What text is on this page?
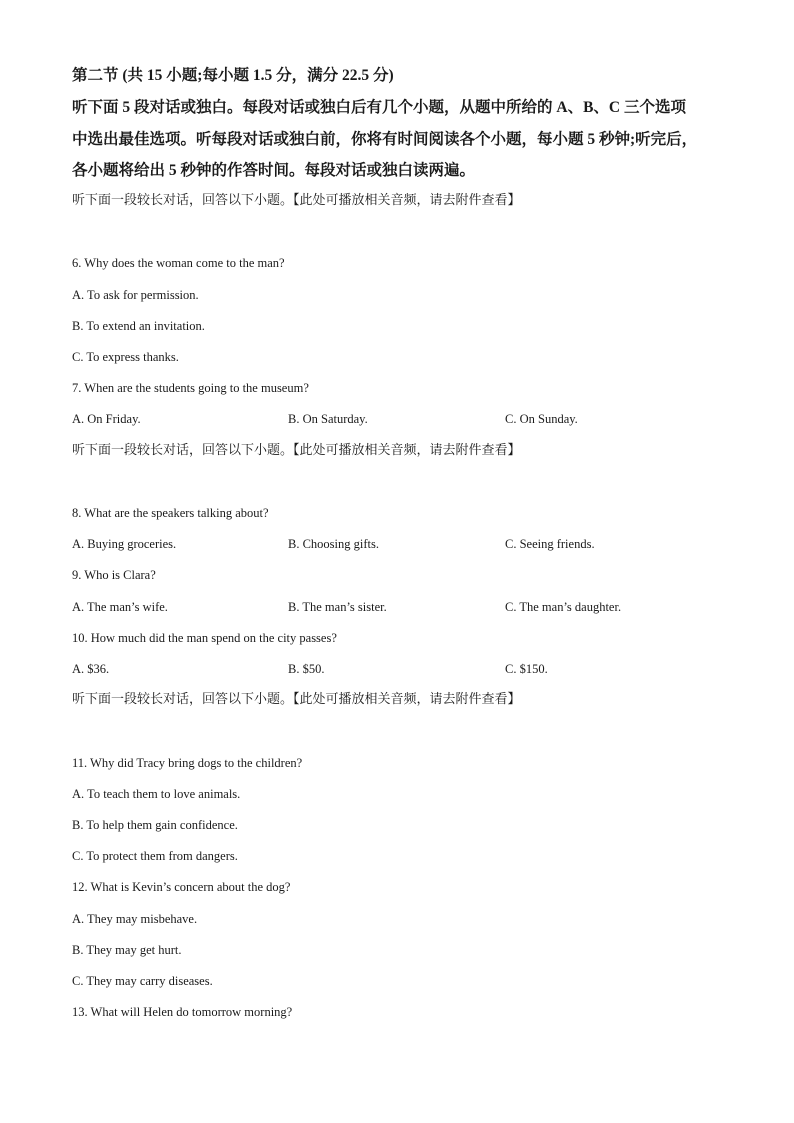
第二节 (共 15 小题;每小题 1.5 分，满分 22.5 分)
听下面 5 段对话或独白。每段对话或独白后有几个小题，从题中所给的 A、B、C 三个选项
中选出最佳选项。听每段对话或独白前，你将有时间阅读各个小题，每小题 5 秒钟;听完后，
各小题将给出 5 秒钟的作答时间。每段对话或独白读两遍。
听下面一段较长对话，回答以下小题。【此处可播放相关音频，请去附件查看】
6. Why does the woman come to the man?
A. To ask for permission.
B. To extend an invitation.
C. To express thanks.
7. When are the students going to the museum?
A. On Friday.	B. On Saturday.	C. On Sunday.
听下面一段较长对话，回答以下小题。【此处可播放相关音频，请去附件查看】
8. What are the speakers talking about?
A. Buying groceries.	B. Choosing gifts.	C. Seeing friends.
9. Who is Clara?
A. The man’s wife.	B. The man’s sister.	C. The man’s daughter.
10. How much did the man spend on the city passes?
A. $36.	B. $50.	C. $150.
听下面一段较长对话，回答以下小题。【此处可播放相关音频，请去附件查看】
11. Why did Tracy bring dogs to the children?
A. To teach them to love animals.
B. To help them gain confidence.
C. To protect them from dangers.
12. What is Kevin’s concern about the dog?
A. They may misbehave.
B. They may get hurt.
C. They may carry diseases.
13. What will Helen do tomorrow morning?
